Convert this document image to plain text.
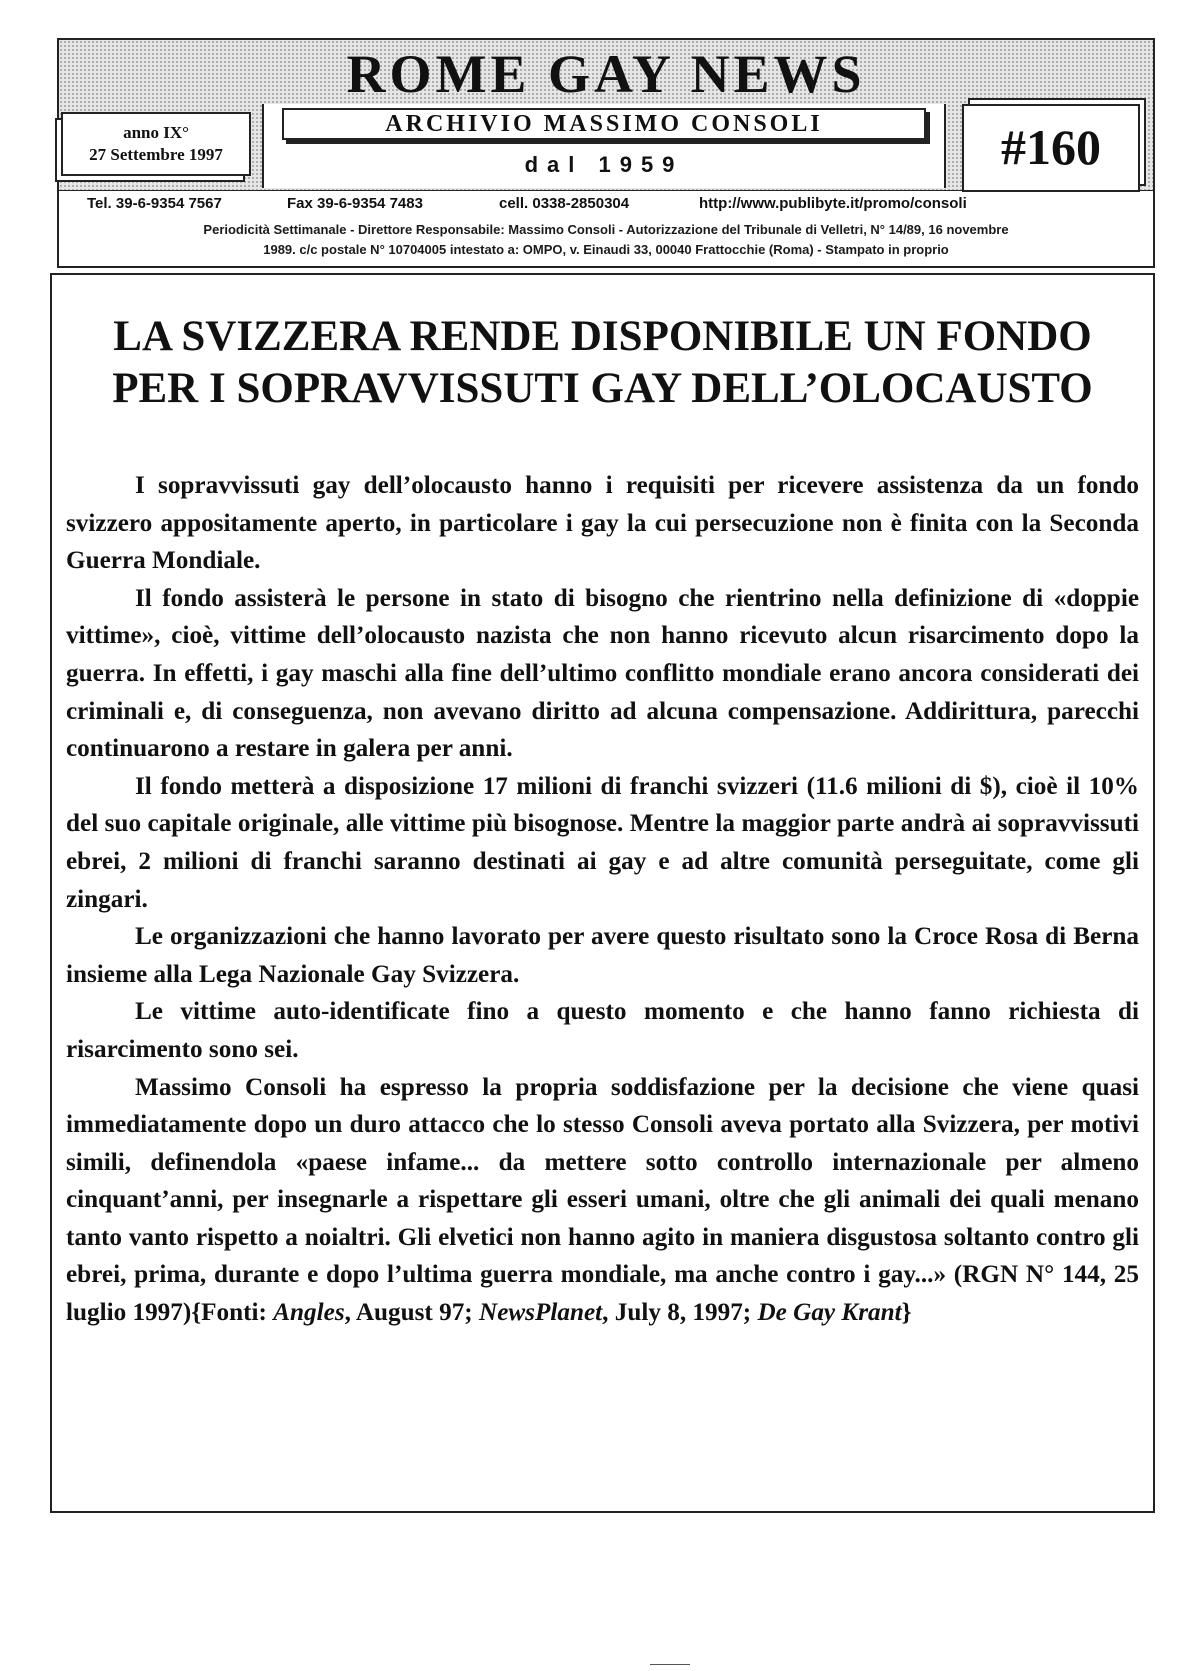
ROME GAY NEWS
anno IX°
27 Settembre 1997
ARCHIVIO MASSIMO CONSOLI
dal 1959	#160
Tel. 39-6-9354 7567	Fax 39-6-9354 7483	cell. 0338-2850304	http://www.publibyte.it/promo/consoli
Periodicità Settimanale - Direttore Responsabile: Massimo Consoli - Autorizzazione del Tribunale di Velletri, N° 14/89, 16 novembre
1989. c/c postale N° 10704005 intestato a: OMPO, v. Einaudi 33, 00040 Frattocchie (Roma) - Stampato in proprio
LA SVIZZERA RENDE DISPONIBILE UN FONDO
PER I SOPRAVVISSUTI GAY DELL’OLOCAUSTO

I sopravvissuti gay dell’olocausto hanno i requisiti per ricevere assistenza da un fondo svizzero appositamente aperto, in particolare i gay la cui persecuzione non è finita con la Seconda Guerra Mondiale.

Il fondo assisterà le persone in stato di bisogno che rientrino nella definizione di «doppie vittime», cioè, vittime dell’olocausto nazista che non hanno ricevuto alcun risarcimento dopo la guerra. In effetti, i gay maschi alla fine dell’ultimo conflitto mondiale erano ancora considerati dei criminali e, di conseguenza, non avevano diritto ad alcuna compensazione. Addirittura, parecchi continuarono a restare in galera per anni.

Il fondo metterà a disposizione 17 milioni di franchi svizzeri (11.6 milioni di $), cioè il 10% del suo capitale originale, alle vittime più bisognose. Mentre la maggior parte andrà ai sopravvissuti ebrei, 2 milioni di franchi saranno destinati ai gay e ad altre comunità perseguitate, come gli zingari.

Le organizzazioni che hanno lavorato per avere questo risultato sono la Croce Rosa di Berna insieme alla Lega Nazionale Gay Svizzera.

Le vittime auto-identificate fino a questo momento e che hanno fanno richiesta di risarcimento sono sei.

Massimo Consoli ha espresso la propria soddisfazione per la decisione che viene quasi immediatamente dopo un duro attacco che lo stesso Consoli aveva portato alla Svizzera, per motivi simili, definendola «paese infame... da mettere sotto controllo internazionale per almeno cinquant’anni, per insegnarle a rispettare gli esseri umani, oltre che gli animali dei quali menano tanto vanto rispetto a noialtri. Gli elvetici non hanno agito in maniera disgustosa soltanto contro gli ebrei, prima, durante e dopo l’ultima guerra mondiale, ma anche contro i gay...» (RGN N° 144, 25 luglio 1997){Fonti: Angles, August 97; NewsPlanet, July 8, 1997; De Gay Krant}
